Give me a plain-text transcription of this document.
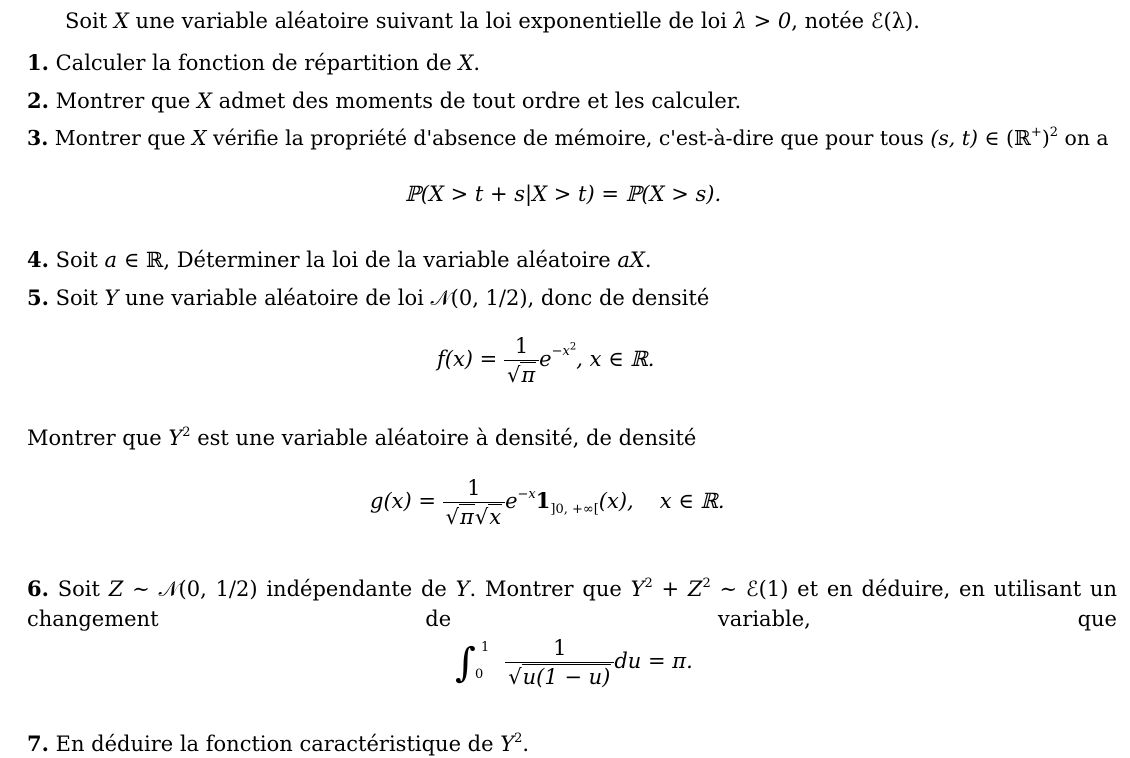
Soit X une variable aléatoire suivant la loi exponentielle de loi λ > 0, notée ℰ(λ).
1. Calculer la fonction de répartition de X.
2. Montrer que X admet des moments de tout ordre et les calculer.
3. Montrer que X vérifie la propriété d'absence de mémoire, c'est-à-dire que pour tous (s, t) ∈ (ℝ+)$^2$ on a
ℙ(X > t + s|X > t) = ℙ(X > s).
4. Soit a ∈ ℝ, Déterminer la loi de la variable aléatoire aX.
5. Soit Y une variable aléatoire de loi 𝒩(0, 1/2), donc de densité
$f(x) = \frac{1}{√\pi} e^{-x^2}$, x ∈ ℝ.
Montrer que $Y^2$ est une variable aléatoire à densité, de densité
$g(x) = \frac{1}{√\pi√x} e^{-x}1_{]0, +\infty[}(x)$, x ∈ ℝ.
6. Soit Z ∼ 𝒩(0, 1/2) indépendante de Y. Montrer que $Y^2 + Z^2$ ∼ ℰ(1) et en déduire, en utilisant un changement de variable, que
∫ 1
0
$\frac{1}{√u(1 - u)}$ du = π.
7. En déduire la fonction caractéristique de $Y^2$.
